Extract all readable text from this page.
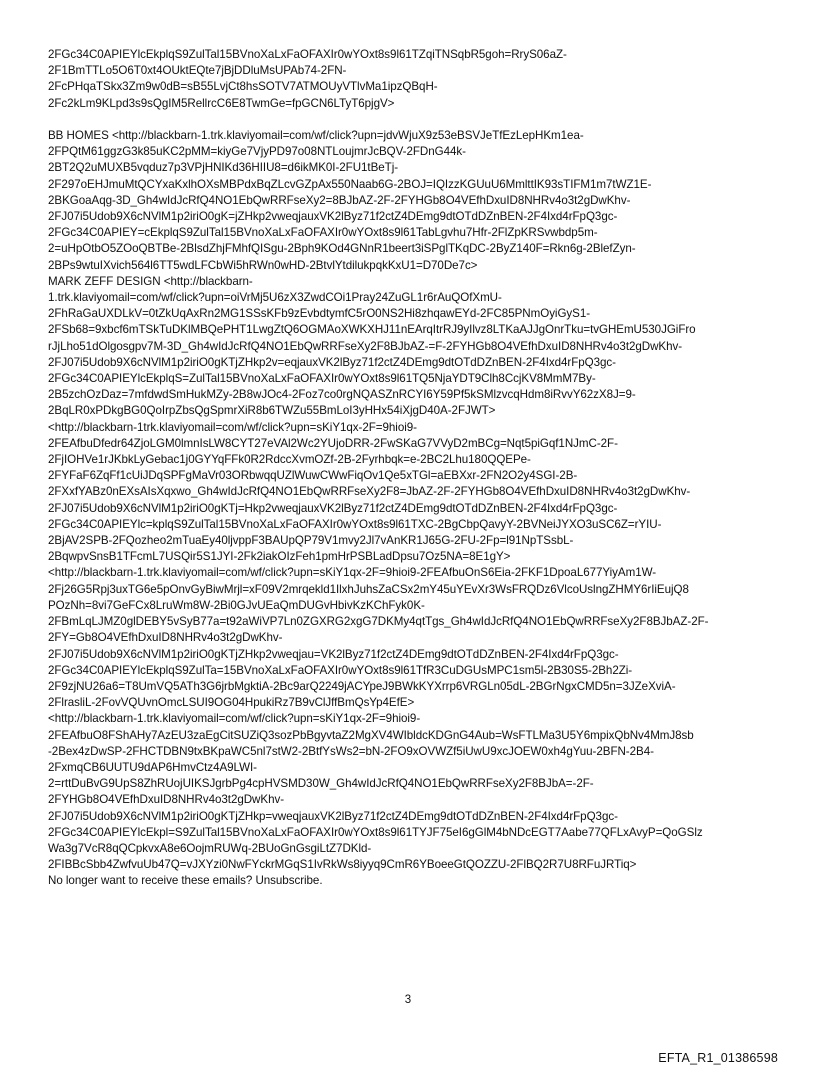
2FGc34C0APIEYlcEkplqS9ZulTal15BVnoXaLxFaOFAXIr0wYOxt8s9l61TZqiTNSqbR5goh=RryS06aZ-
2F1BmTTLo5O6T0xt4OUktEQte7jBjDDluMsUPAb74-2FN-
2FcPHqaTSkx3Zm9w0dB=sB55LvjCt8hsSOTV7ATMOUyVTlvMa1ipzQBqH-
2Fc2kLm9KLpd3s9sQgIM5RellrcC6E8TwmGe=fpGCN6LTyT6pjgV>
BB HOMES <http://blackbarn-1.trk.klaviyomail=com/wf/click?upn=jdvWjuX9z53eBSVJeTfEzLepHKm1ea-
2FPQtM61ggzG3k85uKC2pMM=kiyGe7VjyPD97o08NTLoujmrJcBQV-2FDnG44k-
2BT2Q2uMUXB5vqduz7p3VPjHNIKd36HIIU8=d6ikMK0I-2FU1tBeTj-
2F297oEHJmuMtQCYxaKxlhOXsMBPdxBqZLcvGZpAx550Naab6G-2BOJ=IQIzzKGUuU6MmlttIK93sTIFM1m7tWZ1E-
2BKGoaAqg-3D_Gh4wIdJcRfQ4NO1EbQwRRFseXy2=8BJbAZ-2F-2FYHGb8O4VEfhDxuID8NHRv4o3t2gDwKhv-
2FJ07i5Udob9X6cNVlM1p2iriO0gK=jZHkp2vweqjauxVK2lByz71f2ctZ4DEmg9dtOTdDZnBEN-2F4Ixd4rFpQ3gc-
2FGc34C0APIEY=cEkplqS9ZulTal15BVnoXaLxFaOFAXIr0wYOxt8s9l61TabLgvhu7Hfr-2FlZpKRSvwbdp5m-
2=uHpOtbO5ZOoQBTBe-2BlsdZhjFMhfQISgu-2Bph9KOd4GNnR1beert3iSPglTKqDC-2ByZ140F=Rkn6g-2BlefZyn-
2BPs9wtuIXvich564l6TT5wdLFCbWi5hRWn0wHD-2BtvlYtdilukpqkKxU1=D70De7c>
MARK ZEFF DESIGN <http://blackbarn-
1.trk.klaviyomail=com/wf/click?upn=oiVrMj5U6zX3ZwdCOi1Pray24ZuGL1r6rAuQOfXmU-
2FhRaGaUXDLkV=0tZkUqAxRn2MG1SSsKFb9zEvbdtymfC5rO0NS2Hi8zhqawEYd-2FC85PNmOyiGyS1-
2FSb68=9xbcf6mTSkTuDKlMBQePHT1LwgZtQ6OGMAoXWKXHJ11nEArqItrRJ9yIlvz8LTKaAJJgOnrTku=tvGHEmU530JGiFro
rJjLho51dOlgosgpv7M-3D_Gh4wIdJcRfQ4NO1EbQwRRFseXy2F8BJbAZ-=F-2FYHGb8O4VEfhDxuID8NHRv4o3t2gDwKhv-
2FJ07i5Udob9X6cNVlM1p2iriO0gKTjZHkp2v=eqjauxVK2lByz71f2ctZ4DEmg9dtOTdDZnBEN-2F4Ixd4rFpQ3gc-
2FGc34C0APIEYlcEkplqS=ZulTal15BVnoXaLxFaOFAXIr0wYOxt8s9l61TQ5NjaYDT9Clh8CcjKV8MmM7By-
2B5zchOzDaz=7mfdwdSmHukMZy-2B8wJOc4-2Foz7co0rgNQASZnRCYI6Y59Pf5kSMlzvcqHdm8iRvvY62zX8J=9-
2BqLR0xPDkgBG0QoIrpZbsQgSpmrXiR8b6TWZu55BmLoI3yHHx54iXjgD40A-2FJWT>
<http://blackbarn-1trk.klaviyomail=com/wf/click?upn=sKiY1qx-2F=9hioi9-
2FEAfbuDfedr64ZjoLGM0lmnIsLW8CYT27eVAl2Wc2YUjoDRR-2FwSKaG7VVyD2mBCg=Nqt5piGqf1NJmC-2F-
2FjIOHVe1rJKbkLyGebac1j0GYYqFFk0R2RdccXvmOZf-2B-2Fyrhbqk=e-2BC2Lhu180QQEPe-
2FYFaF6ZqFf1cUiJDqSPFgMaVr03ORbwqqUZlWuwCWwFiqOv1Qe5xTGl=aEBXxr-2FN2O2y4SGI-2B-
2FXxfYABz0nEXsAIsXqxwo_Gh4wIdJcRfQ4NO1EbQwRRFseXy2F8=JbAZ-2F-2FYHGb8O4VEfhDxuID8NHRv4o3t2gDwKhv-
2FJ07i5Udob9X6cNVlM1p2iriO0gKTj=Hkp2vweqjauxVK2lByz71f2ctZ4DEmg9dtOTdDZnBEN-2F4Ixd4rFpQ3gc-
2FGc34C0APIEYlc=kplqS9ZulTal15BVnoXaLxFaOFAXIr0wYOxt8s9l61TXC-2BgCbpQavyY-2BVNeiJYXO3uSC6Z=rYIU-
2BjAV2SPB-2FQozheo2mTuaEy40ljvppF3BAUpQP79V1mvy2Jl7vAnKR1J65G-2FU-2Fp=l91NpTSsbL-
2BqwpvSnsB1TFcmL7USQir5S1JYI-2Fk2iakOIzFeh1pmHrPSBLadDpsu7Oz5NA=8E1gY>
<http://blackbarn-1.trk.klaviyomail=com/wf/click?upn=sKiY1qx-2F=9hioi9-2FEAfbuOnS6Eia-2FKF1DpoaL677YiyAm1W-
2Fj26G5Rpj3uxTG6e5pOnvGyBiwMrjl=xF09V2mrqekld1IlxhJuhsZaCSx2mY45uYEvXr3WsFRQDz6VlcoUslngZHMY6rIiEujQ8
POzNh=8vi7GeFCx8LruWm8W-2Bi0GJvUEaQmDUGvHbivKzKChFyk0K-
2FBmLqLJMZ0glDEBY5vSyB77a=t92aWiVP7Ln0ZGXRG2xgG7DKMy4qtTgs_Gh4wIdJcRfQ4NO1EbQwRRFseXy2F8BJbAZ-2F-
2FY=Gb8O4VEfhDxuID8NHRv4o3t2gDwKhv-
2FJ07i5Udob9X6cNVlM1p2iriO0gKTjZHkp2vweqjau=VK2lByz71f2ctZ4DEmg9dtOTdDZnBEN-2F4Ixd4rFpQ3gc-
2FGc34C0APIEYlcEkplqS9ZulTa=15BVnoXaLxFaOFAXIr0wYOxt8s9l61TfR3CuDGUsMPC1sm5l-2B30S5-2Bh2Zi-
2F9zjNU26a6=T8UmVQ5ATh3G6jrbMgktiA-2Bc9arQ2249jACYpeJ9BWkKYXrrp6VRGLn05dL-2BGrNgxCMD5n=3JZeXviA-
2FlrasliL-2FovVQUvnOmcLSUI9OG04HpukiRz7B9vClJffBmQsYp4EfE>
<http://blackbarn-1.trk.klaviyomail=com/wf/click?upn=sKiY1qx-2F=9hioi9-
2FEAfbuO8FShAHy7AzEU3zaEgCitSUZiQ3sozPbBgyvtaZ2MgXV4WIbldcKDGnG4Aub=WsFTLMa3U5Y6mpixQbNv4MmJ8sb
-2Bex4zDwSP-2FHCTDBN9txBKpaWC5nl7stW2-2BtfYsWs2=bN-2FO9xOVWZf5iUwU9xcJOEW0xh4gYuu-2BFN-2B4-
2FxmqCB6UUTU9dAP6HmvCtz4A9LWI-
2=rttDuBvG9UpS8ZhRUojUIKSJgrbPg4cpHVSMD30W_Gh4wIdJcRfQ4NO1EbQwRRFseXy2F8BJbA=-2F-
2FYHGb8O4VEfhDxuID8NHRv4o3t2gDwKhv-
2FJ07i5Udob9X6cNVlM1p2iriO0gKTjZHkp=vweqjauxVK2lByz71f2ctZ4DEmg9dtOTdDZnBEN-2F4Ixd4rFpQ3gc-
2FGc34C0APIEYlcEkpl=S9ZulTal15BVnoXaLxFaOFAXIr0wYOxt8s9l61TYJF75eI6gGlM4bNDcEGT7Aabe77QFLxAvyP=QoGSlz
Wa3g7VcR8qQCpkvxA8e6OojmRUWq-2BUoGnGsgiLtZ7DKld-
2FIBBcSbb4ZwfvuUb47Q=vJXYzi0NwFYckrMGqS1IvRkWs8iyyq9CmR6YBoeeGtQOZZU-2FlBQ2R7U8RFuJRTiq>
No longer want to receive these emails? Unsubscribe.
3
EFTA_R1_01386598
